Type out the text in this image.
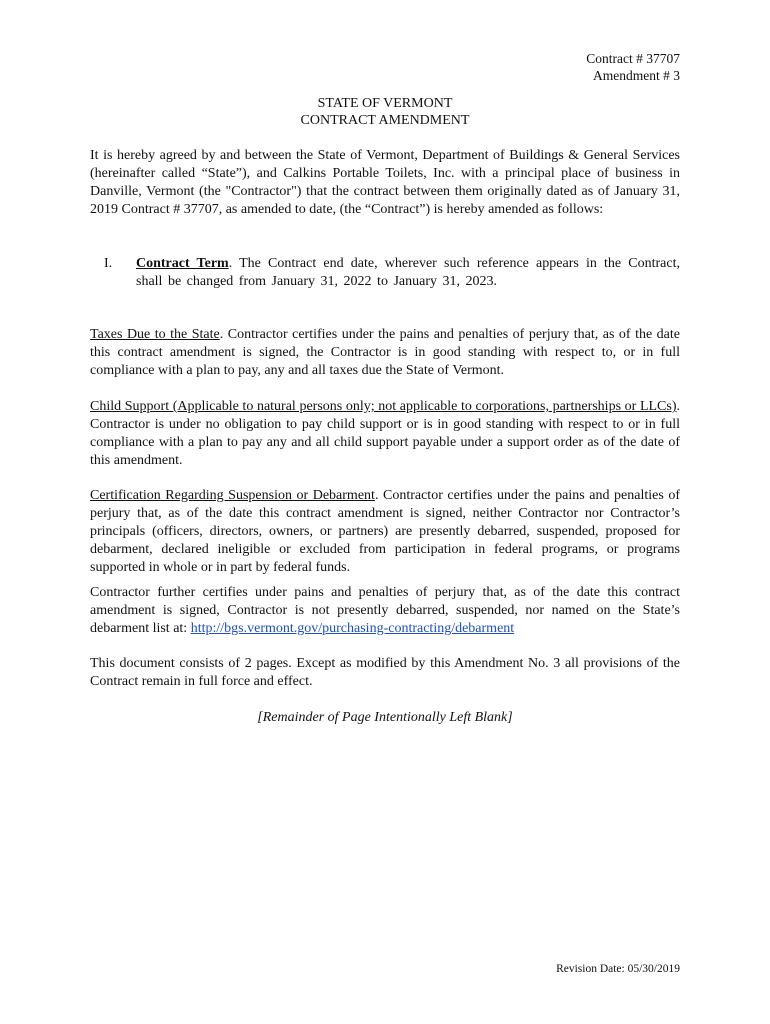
Contract # 37707
Amendment # 3
STATE OF VERMONT
CONTRACT AMENDMENT

It is hereby agreed by and between the State of Vermont, Department of Buildings & General Services (hereinafter called “State”), and Calkins Portable Toilets, Inc. with a principal place of business in Danville, Vermont (the "Contractor") that the contract between them originally dated as of January 31, 2019 Contract # 37707, as amended to date, (the “Contract”) is hereby amended as follows:

I. Contract Term. The Contract end date, wherever such reference appears in the Contract, shall be changed from January 31, 2022 to January 31, 2023.

Taxes Due to the State. Contractor certifies under the pains and penalties of perjury that, as of the date this contract amendment is signed, the Contractor is in good standing with respect to, or in full compliance with a plan to pay, any and all taxes due the State of Vermont.

Child Support (Applicable to natural persons only; not applicable to corporations, partnerships or LLCs). Contractor is under no obligation to pay child support or is in good standing with respect to or in full compliance with a plan to pay any and all child support payable under a support order as of the date of this amendment.

Certification Regarding Suspension or Debarment. Contractor certifies under the pains and penalties of perjury that, as of the date this contract amendment is signed, neither Contractor nor Contractor’s principals (officers, directors, owners, or partners) are presently debarred, suspended, proposed for debarment, declared ineligible or excluded from participation in federal programs, or programs supported in whole or in part by federal funds.

Contractor further certifies under pains and penalties of perjury that, as of the date this contract amendment is signed, Contractor is not presently debarred, suspended, nor named on the State’s debarment list at: http://bgs.vermont.gov/purchasing-contracting/debarment

This document consists of 2 pages. Except as modified by this Amendment No. 3 all provisions of the Contract remain in full force and effect.

[Remainder of Page Intentionally Left Blank]
Revision Date: 05/30/2019
